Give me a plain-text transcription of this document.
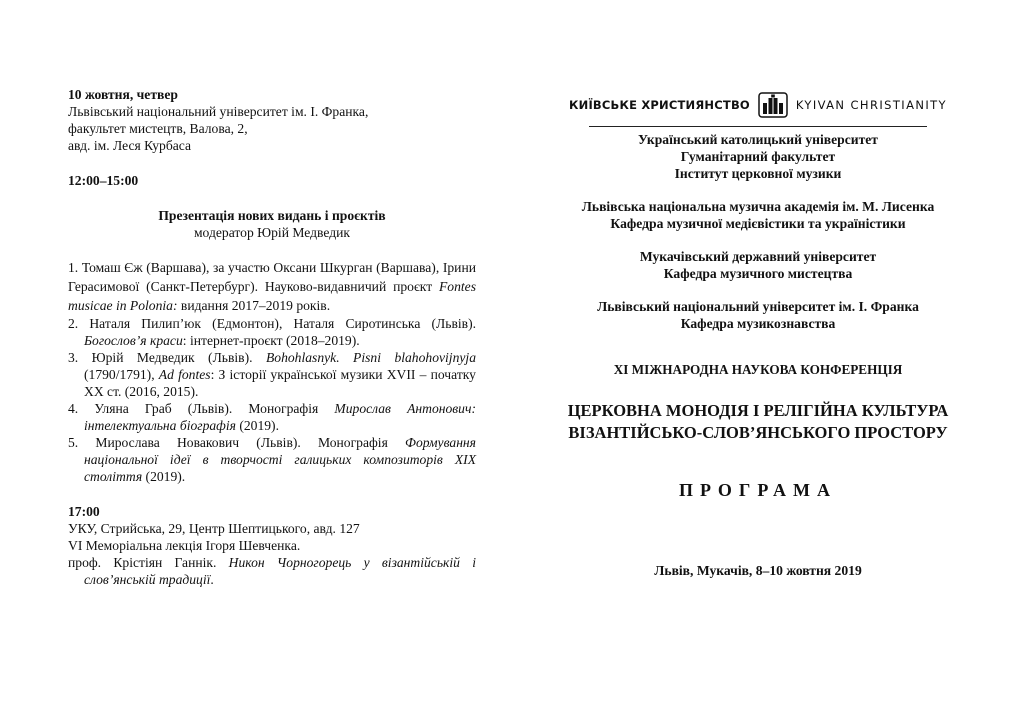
10 жовтня, четвер

Львівський національний університет ім. І. Франка,

факультет мистецтв, Валова, 2,

авд. ім. Леся Курбаса

12:00–15:00

Презентація нових видань і проєктів

модератор Юрій Медведик

1. Томаш Єж (Варшава), за участю Оксани Шкурган (Варшава), Ірини Герасимової (Санкт-Петербург). Науково-видавничий проєкт Fontes musicae in Polonia: видання 2017–2019 років.

2. Наталя Пилип’юк (Едмонтон), Наталя Сиротинська (Львів). Богослов’я краси: інтернет-проєкт (2018–2019).

3. Юрій Медведик (Львів). Bohohlasnyk. Pisni blahohovijnyja (1790/1791), Ad fontes: З історії української музики XVII – початку XX ст. (2016, 2015).

4. Уляна Граб (Львів). Монографія Мирослав Антонович: інтелектуальна біографія (2019).

5. Мирослава Новакович (Львів). Монографія Формування національної ідеї в творчості галицьких композиторів XIX століття (2019).

17:00

УКУ, Стрийська, 29, Центр Шептицького, авд. 127

VI Меморіальна лекція Ігоря Шевченка.

проф. Крістіян Ганнік. Никон Чорногорець у візантійській і слов’янській традиції.

КИЇВСЬКЕ ХРИСТИЯНСТВО	KYIVAN CHRISTIANITY

Український католицький університет

Гуманітарний факультет

Інститут церковної музики

Львівська національна музична академія ім. М. Лисенка

Кафедра музичної медієвістики та україністики

Мукачівський державний університет

Кафедра музичного мистецтва

Львівський національний університет ім. І. Франка

Кафедра музикознавства

ХІ МІЖНАРОДНА НАУКОВА КОНФЕРЕНЦІЯ

ЦЕРКОВНА МОНОДІЯ І РЕЛІГІЙНА КУЛЬТУРА

ВІЗАНТІЙСЬКО-СЛОВ’ЯНСЬКОГО ПРОСТОРУ

ПРОГРАМА

Львів, Мукачів, 8–10 жовтня 2019
